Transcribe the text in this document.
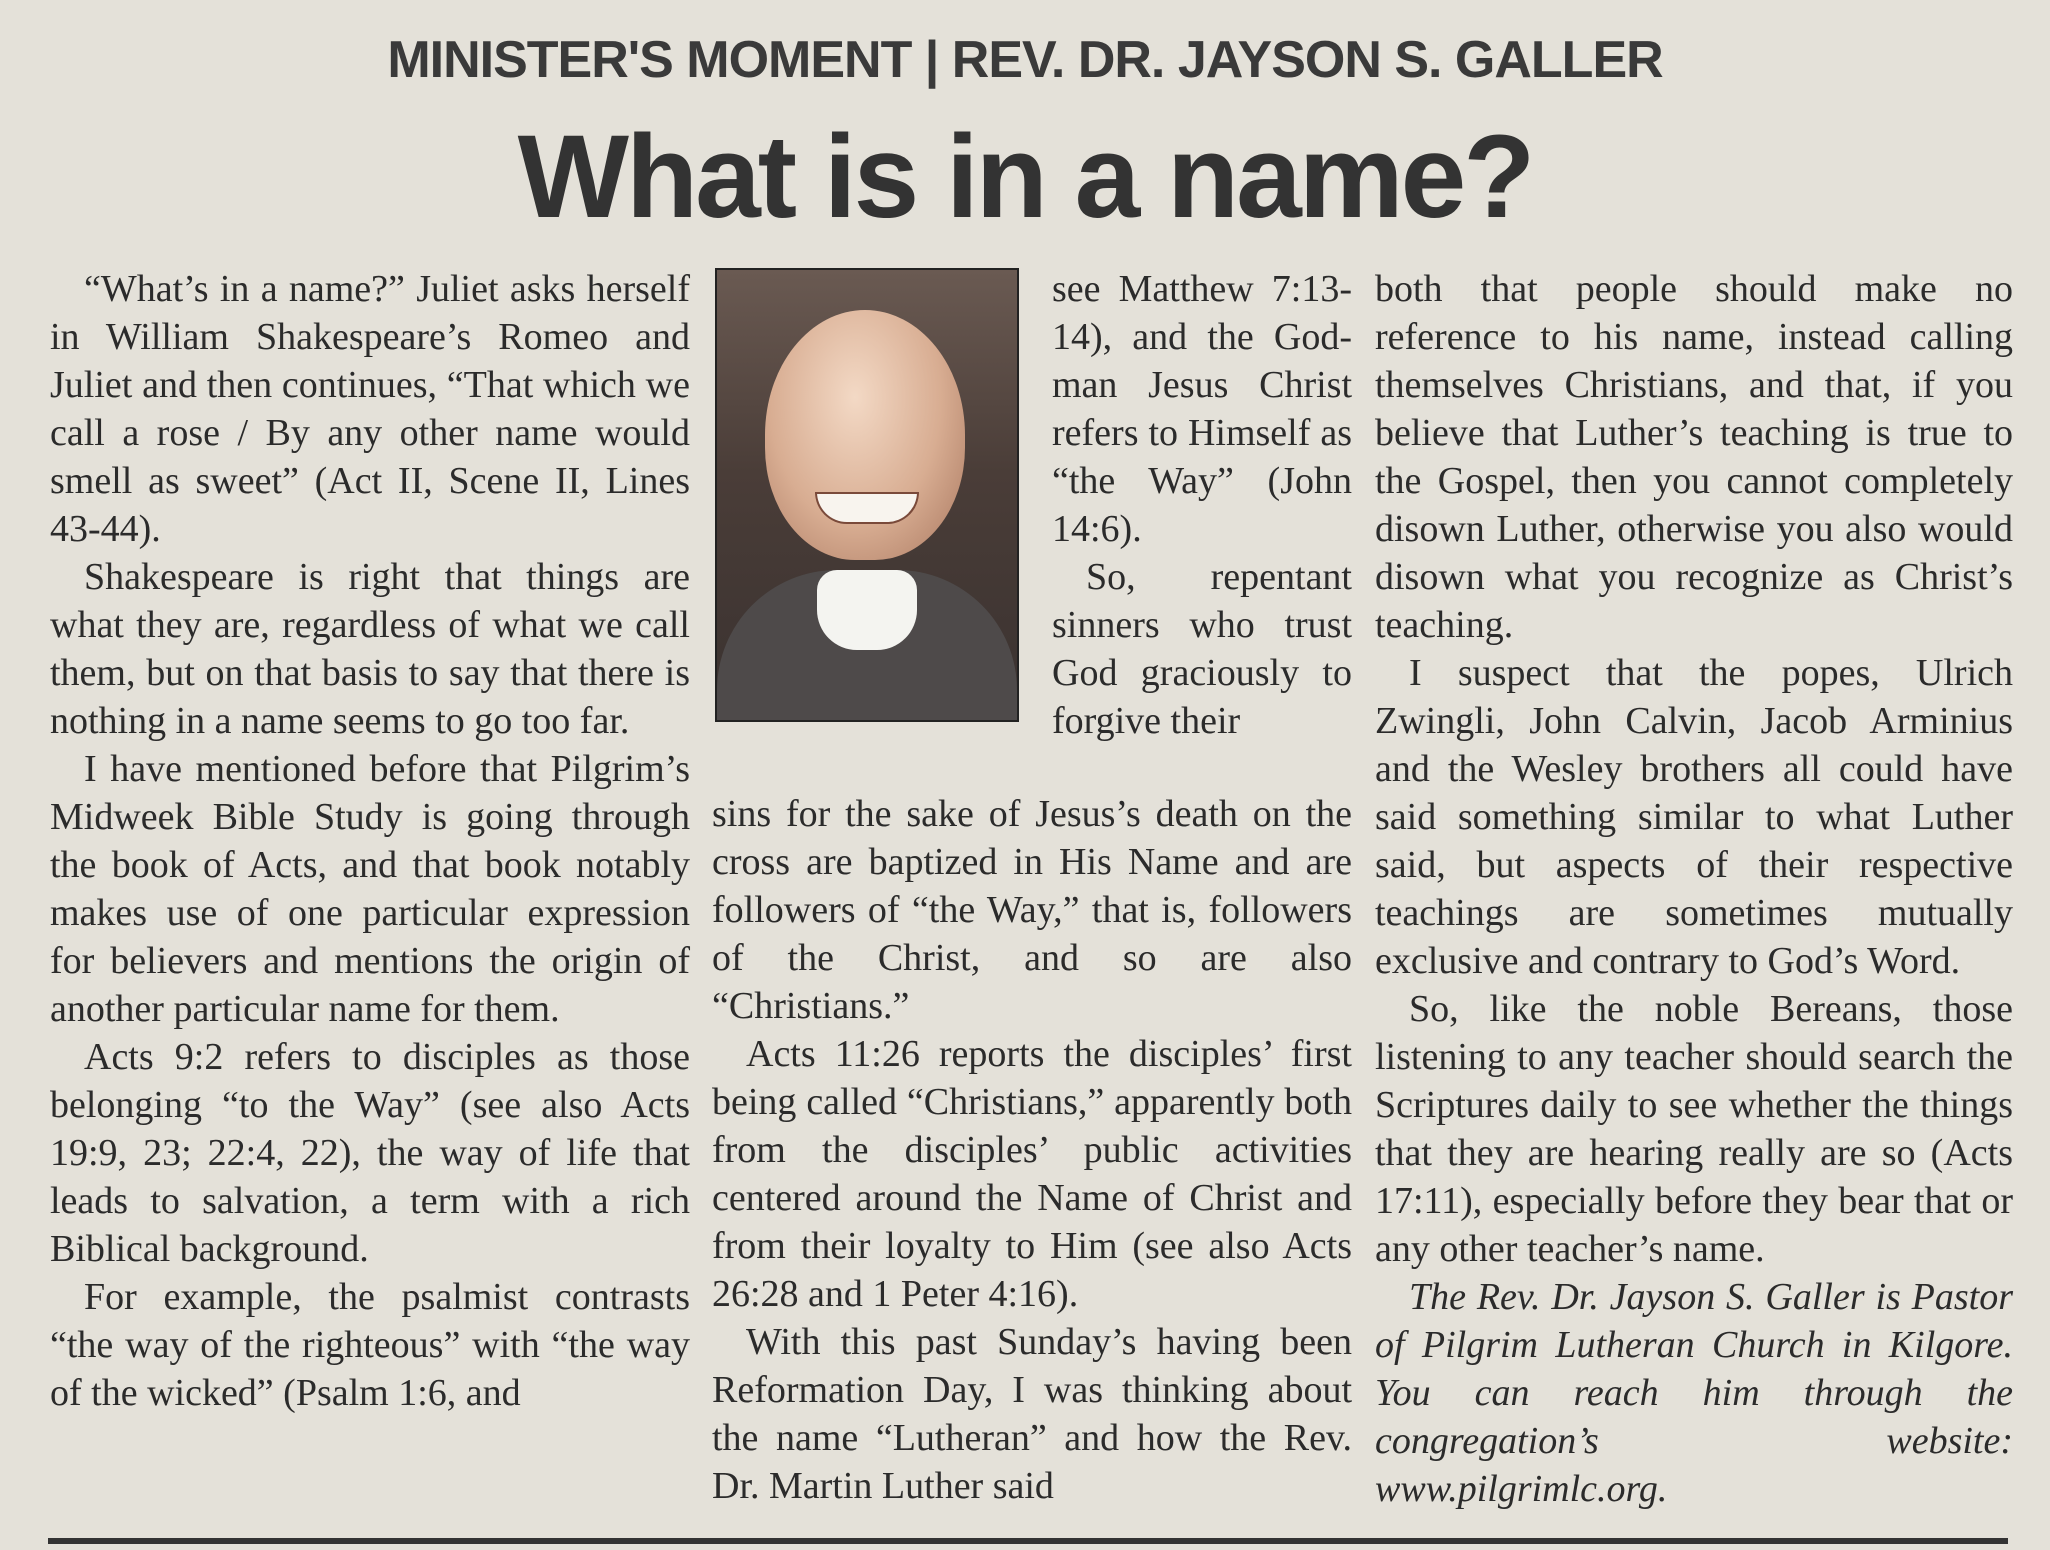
MINISTER'S MOMENT | REV. DR. JAYSON S. GALLER
What is in a name?

“What’s in a name?” Juliet asks herself in William Shakespeare’s Romeo and Juliet and then continues, “That which we call a rose / By any other name would smell as sweet” (Act II, Scene II, Lines 43-44).

Shakespeare is right that things are what they are, regardless of what we call them, but on that basis to say that there is nothing in a name seems to go too far.

I have mentioned before that Pilgrim’s Midweek Bible Study is going through the book of Acts, and that book notably makes use of one particular expression for believers and mentions the origin of another particular name for them.

Acts 9:2 refers to disciples as those belonging “to the Way” (see also Acts 19:9, 23; 22:4, 22), the way of life that leads to salvation, a term with a rich Biblical background.

For example, the psalmist contrasts “the way of the righteous” with “the way of the wicked” (Psalm 1:6, and

see Matthew 7:13-14), and the God-man Jesus Christ refers to Himself as “the Way” (John 14:6).

So, repentant sinners who trust God graciously to forgive their

sins for the sake of Jesus’s death on the cross are baptized in His Name and are followers of “the Way,” that is, followers of the Christ, and so are also “Christians.”

Acts 11:26 reports the disciples’ first being called “Christians,” apparently both from the disciples’ public activities centered around the Name of Christ and from their loyalty to Him (see also Acts 26:28 and 1 Peter 4:16).

With this past Sunday’s having been Reformation Day, I was thinking about the name “Lutheran” and how the Rev. Dr. Martin Luther said

both that people should make no reference to his name, instead calling themselves Christians, and that, if you believe that Luther’s teaching is true to the Gospel, then you cannot completely disown Luther, otherwise you also would disown what you recognize as Christ’s teaching.

I suspect that the popes, Ulrich Zwingli, John Calvin, Jacob Arminius and the Wesley brothers all could have said something similar to what Luther said, but aspects of their respective teachings are sometimes mutually exclusive and contrary to God’s Word.

So, like the noble Bereans, those listening to any teacher should search the Scriptures daily to see whether the things that they are hearing really are so (Acts 17:11), especially before they bear that or any other teacher’s name.

The Rev. Dr. Jayson S. Galler is Pastor of Pilgrim Lutheran Church in Kilgore. You can reach him through the congregation’s website: www.pilgrimlc.org.
